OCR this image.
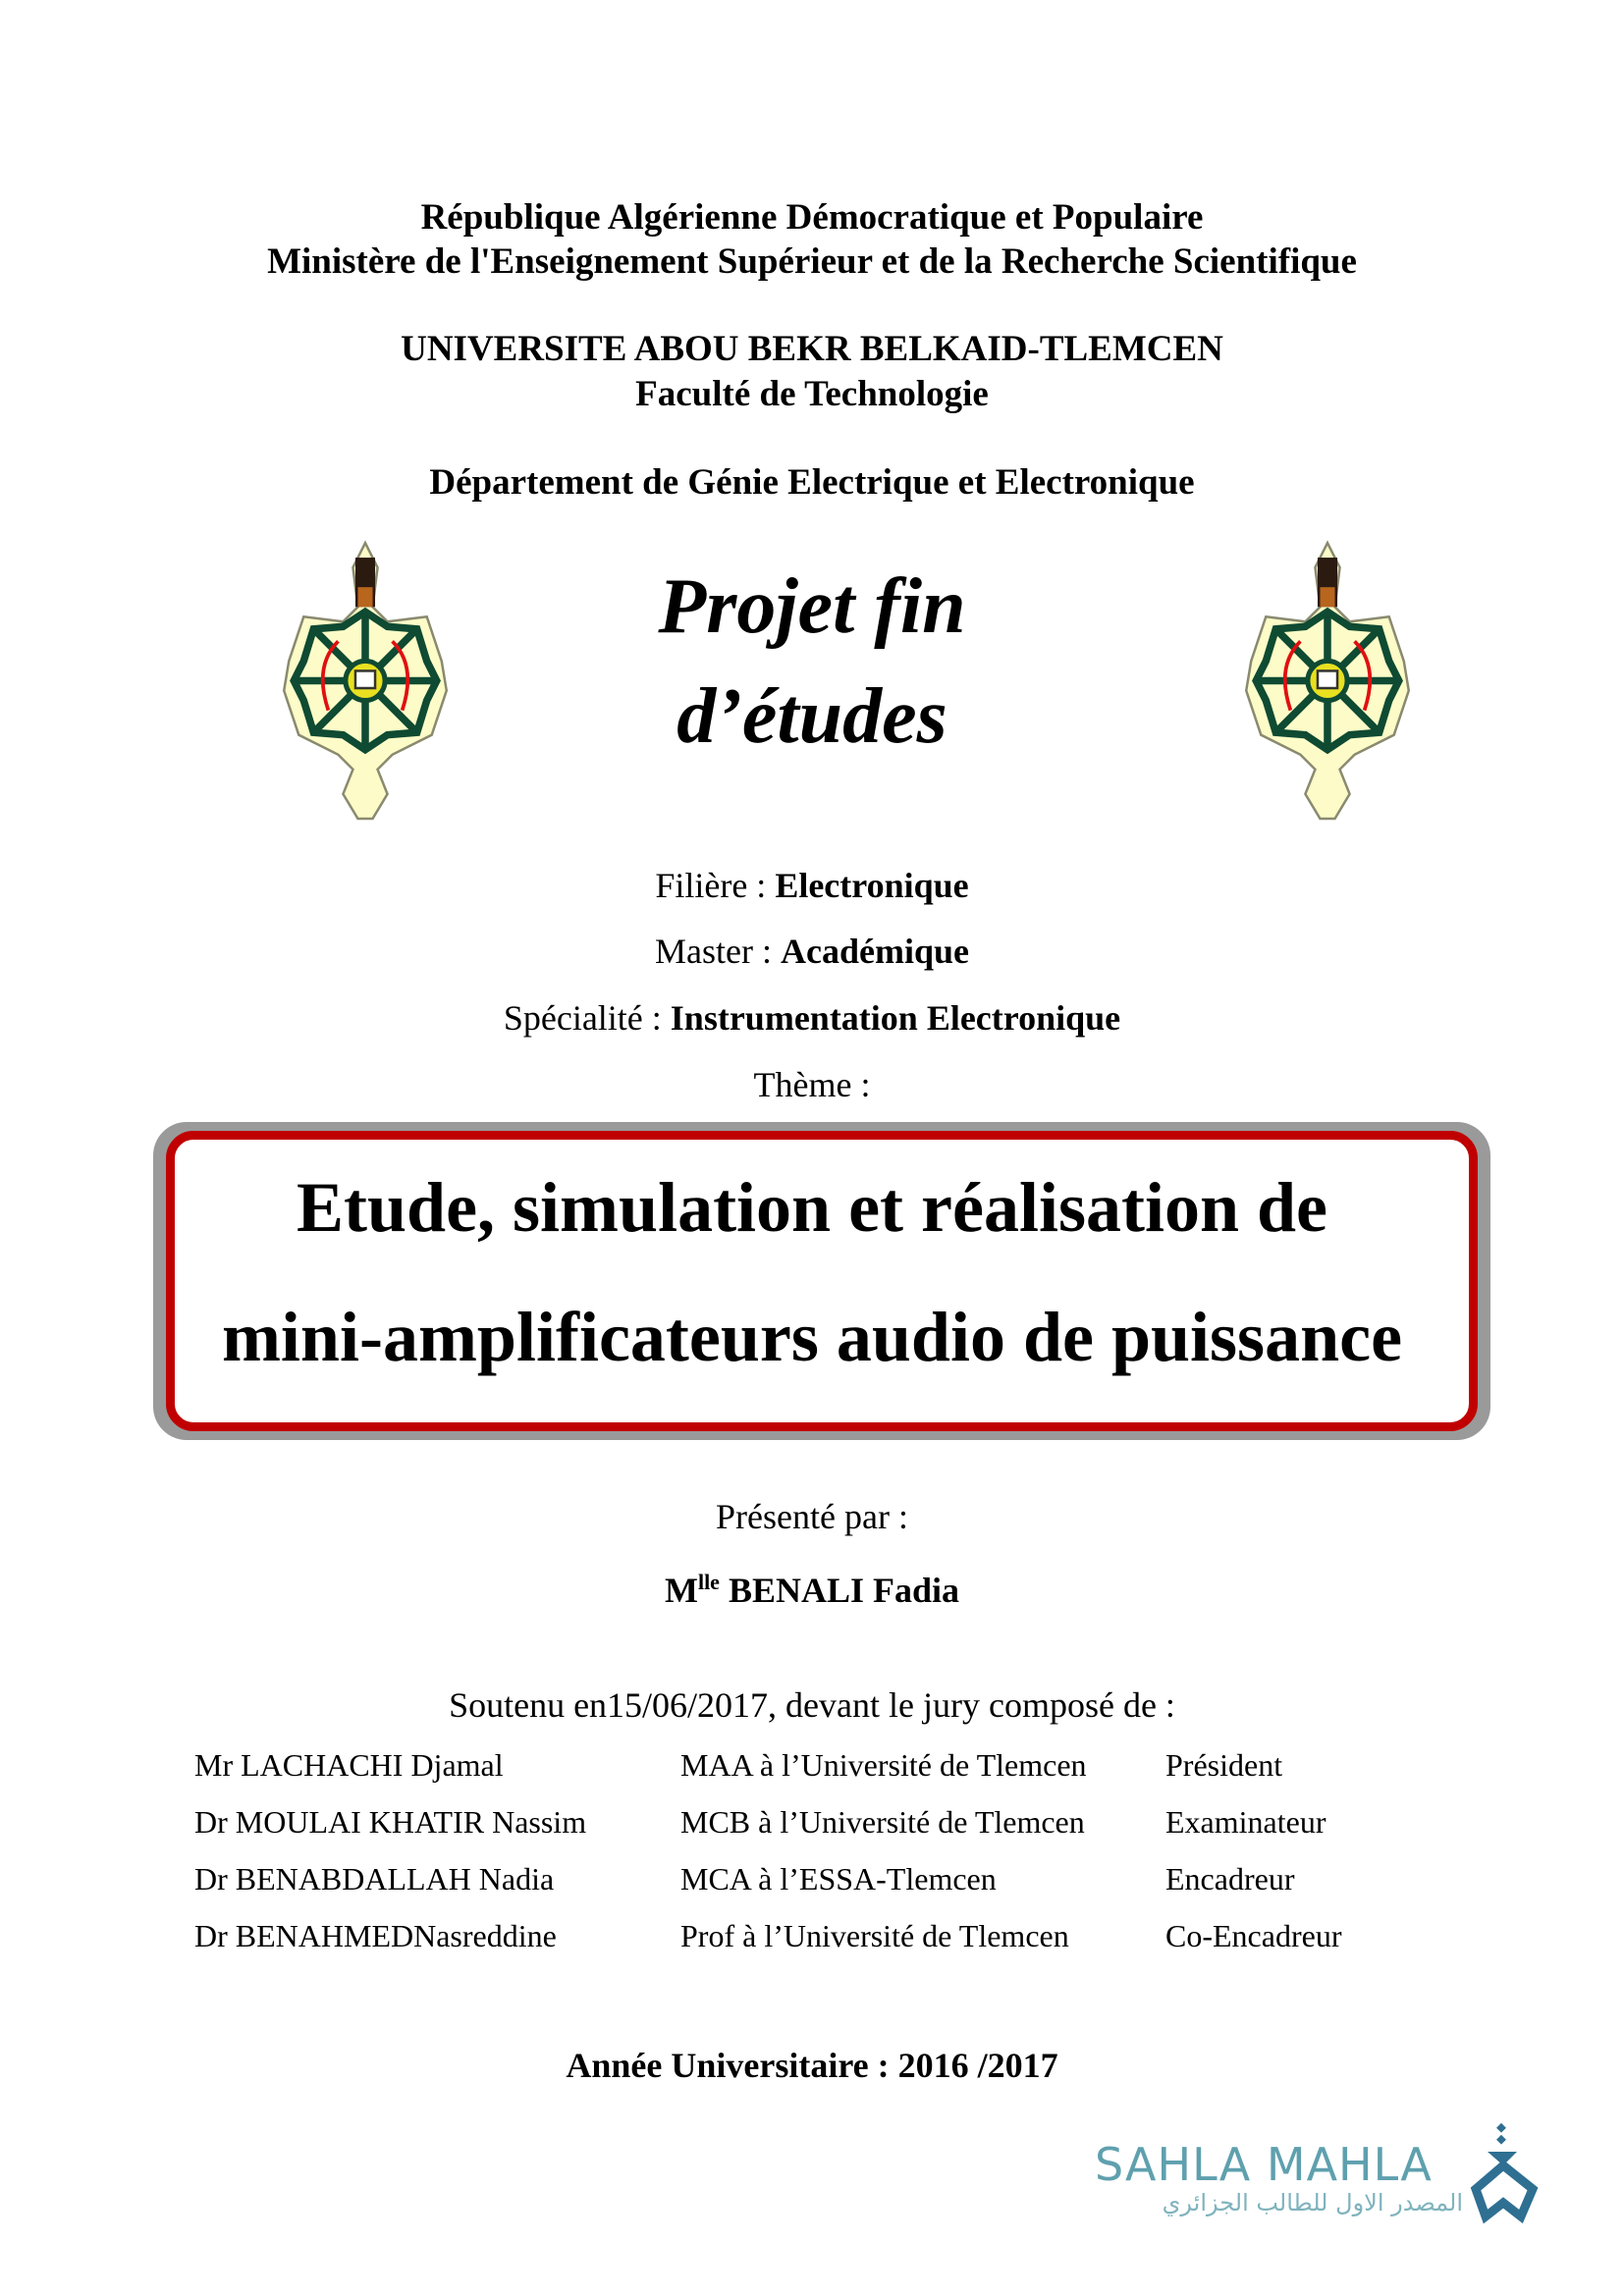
République Algérienne Démocratique et Populaire
Ministère de l'Enseignement Supérieur et de la Recherche Scientifique
UNIVERSITE ABOU BEKR BELKAID-TLEMCEN
Faculté de Technologie
Département de Génie Electrique et Electronique
Projet fin
d’études
Filière : Electronique
Master : Académique
Spécialité : Instrumentation Electronique
Thème :
Etude, simulation et réalisation de
mini-amplificateurs audio de puissance
Présenté par :
$M^{lle}$ BENALI Fadia
Soutenu en15/06/2017, devant le jury composé de :
Mr LACHACHI Djamal	MAA à l’Université de Tlemcen	Président
Dr MOULAI KHATIR Nassim	MCB à l’Université de Tlemcen	Examinateur
Dr BENABDALLAH Nadia	MCA à l’ESSA-Tlemcen	Encadreur
Dr BENAHMEDNasreddine	Prof à l’Université de Tlemcen	Co-Encadreur
Année Universitaire : 2016 /2017
SAHLA MAHLA
المصدر الاول للطالب الجزائري
